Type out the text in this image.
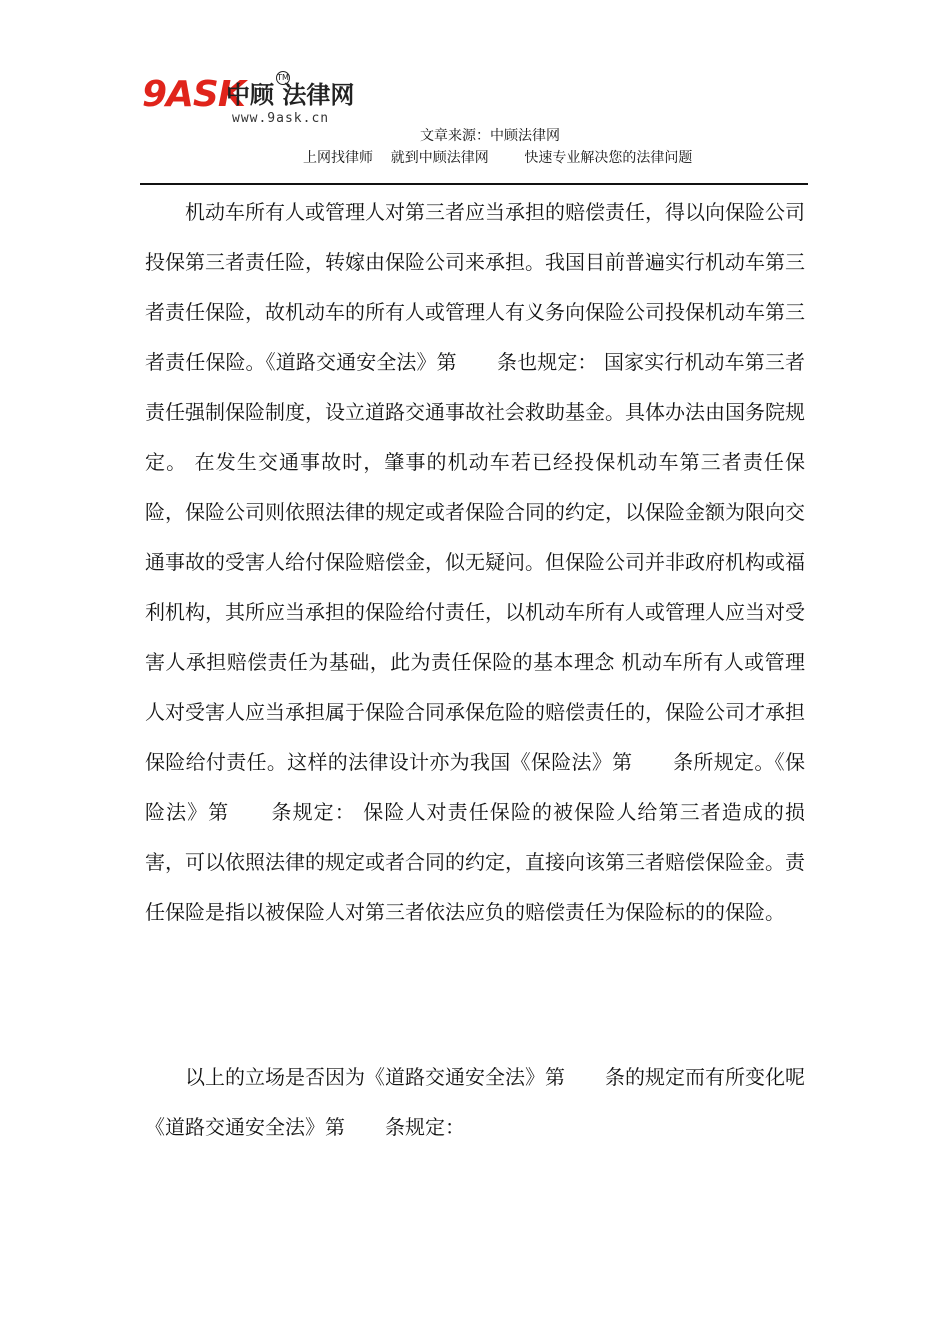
9ASK
中顾 法律网
TM
www.9ask.cn
文章来源：中顾法律网
上网找律师    就到中顾法律网        快速专业解决您的法律问题

机动车所有人或管理人对第三者应当承担的赔偿责任，得以向保险公司投保第三者责任险，转嫁由保险公司来承担。我国目前普遍实行机动车第三者责任保险，故机动车的所有人或管理人有义务向保险公司投保机动车第三者责任保险。《道路交通安全法》第　　条也规定： 国家实行机动车第三者责任强制保险制度，设立道路交通事故社会救助基金。具体办法由国务院规定。 在发生交通事故时，肇事的机动车若已经投保机动车第三者责任保险，保险公司则依照法律的规定或者保险合同的约定，以保险金额为限向交通事故的受害人给付保险赔偿金，似无疑问。但保险公司并非政府机构或福利机构，其所应当承担的保险给付责任，以机动车所有人或管理人应当对受害人承担赔偿责任为基础，此为责任保险的基本理念 机动车所有人或管理人对受害人应当承担属于保险合同承保危险的赔偿责任的，保险公司才承担保险给付责任。这样的法律设计亦为我国《保险法》第　　条所规定。《保险法》第　　条规定： 保险人对责任保险的被保险人给第三者造成的损害，可以依照法律的规定或者合同的约定，直接向该第三者赔偿保险金。责任保险是指以被保险人对第三者依法应负的赔偿责任为保险标的的保险。

以上的立场是否因为《道路交通安全法》第　　条的规定而有所变化呢 《道路交通安全法》第　　条规定：
